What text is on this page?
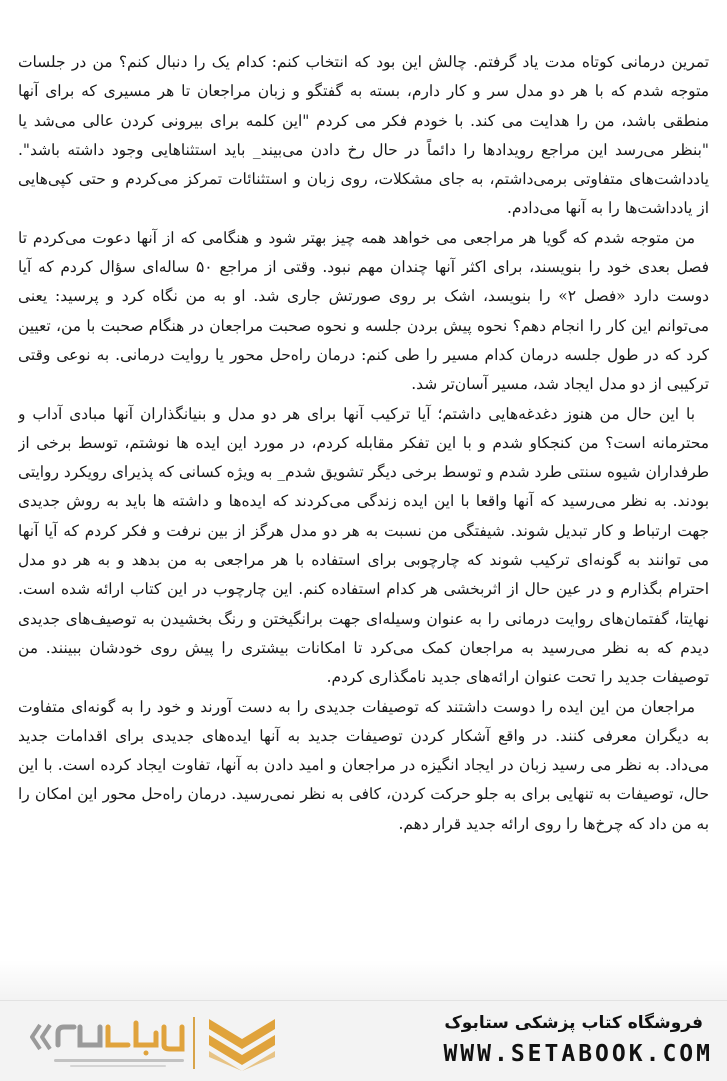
تمرین درمانی کوتاه مدت یاد گرفتم. چالش این بود که انتخاب کنم: کدام یک را دنبال کنم؟ من در جلسات متوجه شدم که با هر دو مدل سر و کار دارم، بسته به گفتگو و زبان مراجعان تا هر مسیری که برای آنها منطقی باشد، من را هدایت می کند. با خودم فکر می کردم "این کلمه برای بیرونی کردن عالی می‌شد یا "بنظر می‌رسد این مراجع رویدادها را دائماً در حال رخ دادن می‌بیند_ باید استثناهایی وجود داشته باشد". یادداشت‌های متفاوتی برمی‌داشتم، به جای مشکلات، روی زبان و استثنائات تمرکز می‌کردم و حتی کپی‌هایی از یادداشت‌ها را به آنها می‌دادم.

من متوجه شدم که گویا هر مراجعی می خواهد همه چیز بهتر شود و هنگامی که از آنها دعوت می‌کردم تا فصل بعدی خود را بنویسند، برای اکثر آنها چندان مهم نبود. وقتی از مراجع ۵۰ ساله‌ای سؤال کردم که آیا دوست دارد «فصل ۲» را بنویسد، اشک بر روی صورتش جاری شد. او به من نگاه کرد و پرسید: یعنی می‌توانم این کار را انجام دهم؟ نحوه پیش بردن جلسه و نحوه صحبت مراجعان در هنگام صحبت با من، تعیین کرد که در طول جلسه درمان کدام مسیر را طی کنم: درمان راه‌حل محور یا روایت درمانی. به نوعی وقتی ترکیبی از دو مدل ایجاد شد، مسیر آسان‌تر شد.

با این حال من هنوز دغدغه‌هایی داشتم؛ آیا ترکیب آنها برای هر دو مدل و بنیانگذاران آنها مبادی آداب و محترمانه است؟ من کنجکاو شدم و با این تفکر مقابله کردم، در مورد این ایده ها نوشتم، توسط برخی از طرفداران شیوه سنتی طرد شدم و توسط برخی دیگر تشویق شدم_ به ویژه کسانی که پذیرای رویکرد روایتی بودند. به نظر می‌رسید که آنها واقعا با این ایده زندگی می‌کردند که ایده‌ها و داشته ها باید به روش جدیدی جهت ارتباط و کار تبدیل شوند. شیفتگی من نسبت به هر دو مدل هرگز از بین نرفت و فکر کردم که آیا آنها می توانند به گونه‌ای ترکیب شوند که چارچوبی برای استفاده با هر مراجعی به من بدهد و به هر دو مدل احترام بگذارم و در عین حال از اثربخشی هر کدام استفاده کنم. این چارچوب در این کتاب ارائه شده است. نهایتا، گفتمان‌های روایت درمانی را به عنوان وسیله‌ای جهت برانگیختن و رنگ بخشیدن به توصیف‌های جدیدی دیدم که به نظر می‌رسید به مراجعان کمک می‌کرد تا امکانات بیشتری را پیش روی خودشان ببینند. من توصیفات جدید را تحت عنوان ارائه‌های جدید نامگذاری کردم.

مراجعان من این ایده را دوست داشتند که توصیفات جدیدی را به دست آورند و خود را به گونه‌ای متفاوت به دیگران معرفی کنند. در واقع آشکار کردن توصیفات جدید به آنها ایده‌های جدیدی برای اقدامات جدید می‌داد. به نظر می رسید زبان در ایجاد انگیزه در مراجعان و امید دادن به آنها، تفاوت ایجاد کرده است. با این حال، توصیفات به تنهایی برای به جلو حرکت کردن، کافی به نظر نمی‌رسید. درمان راه‌حل محور این امکان را به من داد که چرخ‌ها را روی ارائه جدید قرار دهم.

فروشگاه کتاب پزشکی ستابوک
WWW.SETABOOK.COM
